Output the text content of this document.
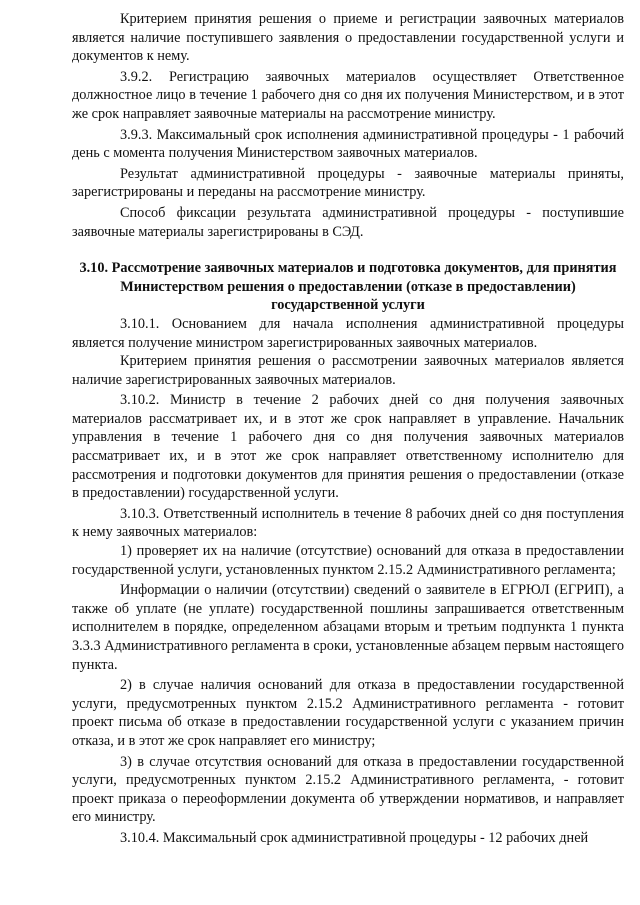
Критерием принятия решения о приеме и регистрации заявочных материалов является наличие поступившего заявления о предоставлении государственной услуги и документов к нему.

3.9.2. Регистрацию заявочных материалов осуществляет Ответственное должностное лицо в течение 1 рабочего дня со дня их получения Министерством, и в этот же срок направляет заявочные материалы на рассмотрение министру.

3.9.3. Максимальный срок исполнения административной процедуры - 1 рабочий день с момента получения Министерством заявочных материалов.

Результат административной процедуры - заявочные материалы приняты, зарегистрированы и переданы на рассмотрение министру.

Способ фиксации результата административной процедуры - поступившие заявочные материалы зарегистрированы в СЭД.

3.10. Рассмотрение заявочных материалов и подготовка документов, для принятия Министерством решения о предоставлении (отказе в предоставлении) государственной услуги

3.10.1. Основанием для начала исполнения административной процедуры является получение министром зарегистрированных заявочных материалов.

Критерием принятия решения о рассмотрении заявочных материалов является наличие зарегистрированных заявочных материалов.

3.10.2. Министр в течение 2 рабочих дней со дня получения заявочных материалов рассматривает их, и в этот же срок направляет в управление. Начальник управления в течение 1 рабочего дня со дня получения заявочных материалов рассматривает их, и в этот же срок направляет ответственному исполнителю для рассмотрения и подготовки документов для принятия решения о предоставлении (отказе в предоставлении) государственной услуги.

3.10.3. Ответственный исполнитель в течение 8 рабочих дней со дня поступления к нему заявочных материалов:

1) проверяет их на наличие (отсутствие) оснований для отказа в предоставлении государственной услуги, установленных пунктом 2.15.2 Административного регламента;

Информации о наличии (отсутствии) сведений о заявителе в ЕГРЮЛ (ЕГРИП), а также об уплате (не уплате) государственной пошлины запрашивается ответственным исполнителем в порядке, определенном абзацами вторым и третьим подпункта 1 пункта 3.3.3 Административного регламента в сроки, установленные абзацем первым настоящего пункта.

2) в случае наличия оснований для отказа в предоставлении государственной услуги, предусмотренных пунктом 2.15.2 Административного регламента - готовит проект письма об отказе в предоставлении государственной услуги с указанием причин отказа, и в этот же срок направляет его министру;

3) в случае отсутствия оснований для отказа в предоставлении государственной услуги, предусмотренных пунктом 2.15.2 Административного регламента, - готовит проект приказа о переоформлении документа об утверждении нормативов, и направляет его министру.

3.10.4. Максимальный срок административной процедуры - 12 рабочих дней
